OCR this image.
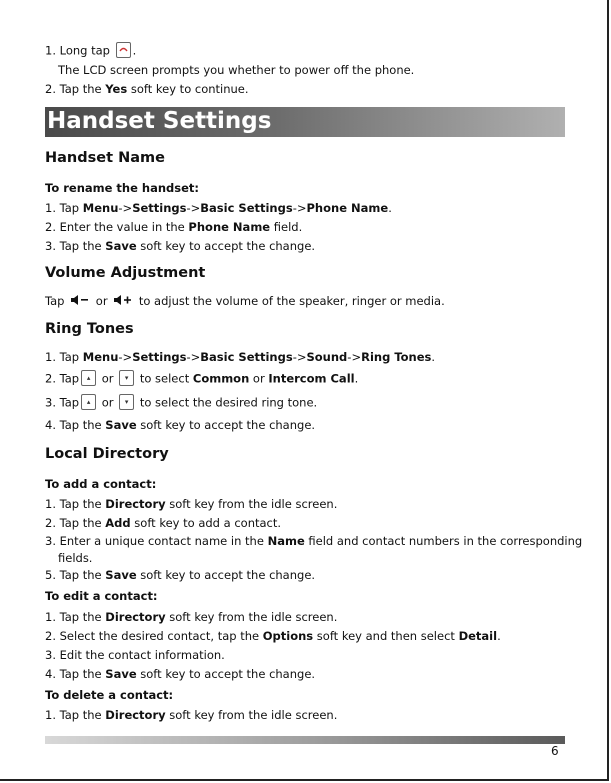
1. Long tap .
The LCD screen prompts you whether to power off the phone.
2. Tap the Yes soft key to continue.
Handset Settings
Handset Name
To rename the handset:
1. Tap Menu->Settings->Basic Settings->Phone Name.
2. Enter the value in the Phone Name field.
3. Tap the Save soft key to accept the change.
Volume Adjustment
Tap  or  to adjust the volume of the speaker, ringer or media.
Ring Tones
1. Tap Menu->Settings->Basic Settings->Sound->Ring Tones.
2. Tap ▴ or ▾ to select Common or Intercom Call.
3. Tap ▴ or ▾ to select the desired ring tone.
4. Tap the Save soft key to accept the change.
Local Directory
To add a contact:
1. Tap the Directory soft key from the idle screen.
2. Tap the Add soft key to add a contact.
3. Enter a unique contact name in the Name field and contact numbers in the corresponding
fields.
5. Tap the Save soft key to accept the change.
To edit a contact:
1. Tap the Directory soft key from the idle screen.
2. Select the desired contact, tap the Options soft key and then select Detail.
3. Edit the contact information.
4. Tap the Save soft key to accept the change.
To delete a contact:
1. Tap the Directory soft key from the idle screen.
6
